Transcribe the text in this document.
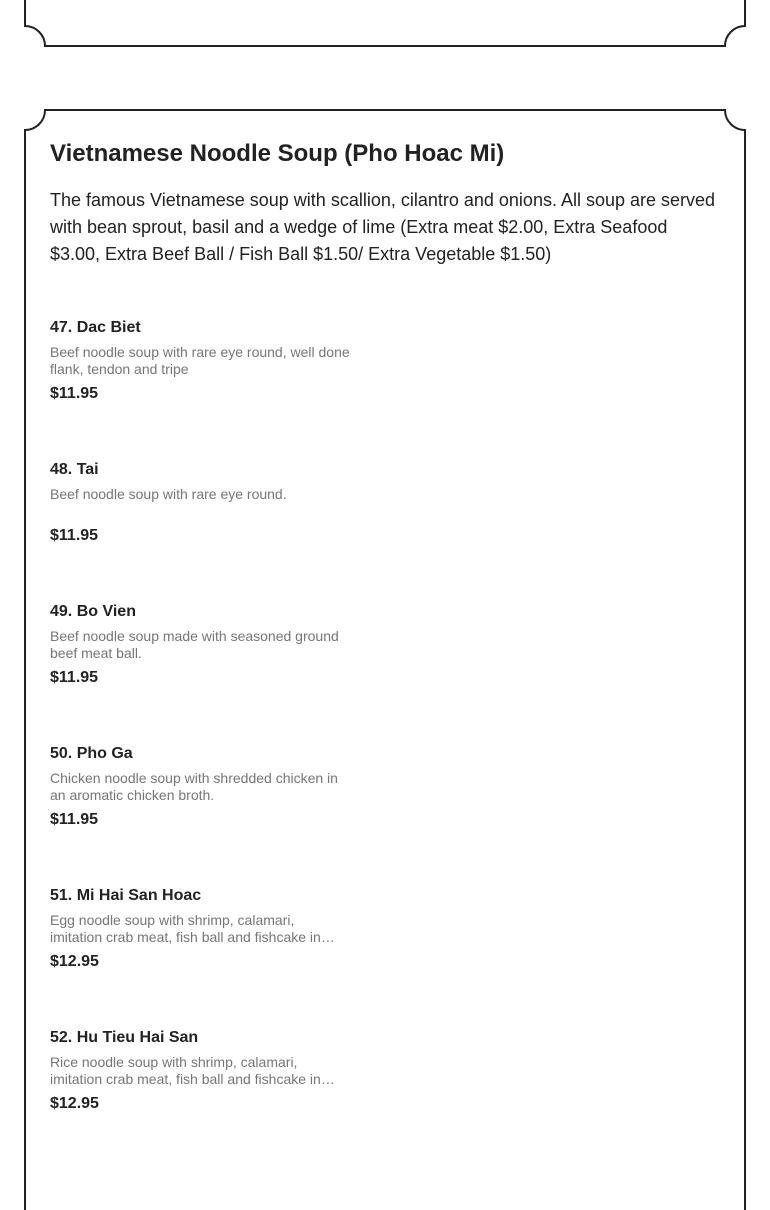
Vietnamese Noodle Soup (Pho Hoac Mi)

The famous Vietnamese soup with scallion, cilantro and onions. All soup are served with bean sprout, basil and a wedge of lime (Extra meat $2.00, Extra Seafood $3.00, Extra Beef Ball / Fish Ball $1.50/ Extra Vegetable $1.50)

47. Dac Biet
Beef noodle soup with rare eye round, well done flank, tendon and tripe
$11.95
48. Tai
Beef noodle soup with rare eye round.
$11.95
49. Bo Vien
Beef noodle soup made with seasoned ground beef meat ball.
$11.95
50. Pho Ga
Chicken noodle soup with shredded chicken in an aromatic chicken broth.
$11.95
51. Mi Hai San Hoac
Egg noodle soup with shrimp, calamari, imitation crab meat, fish ball and fishcake in
$12.95
52. Hu Tieu Hai San
Rice noodle soup with shrimp, calamari, imitation crab meat, fish ball and fishcake in
$12.95
